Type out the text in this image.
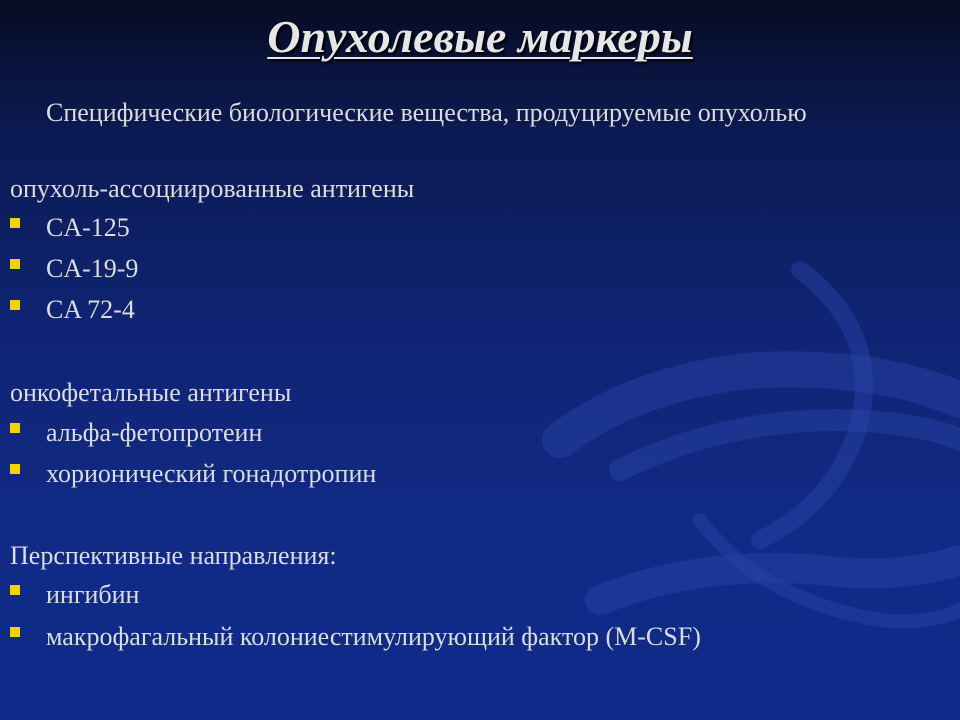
Опухолевые маркеры
Специфические биологические вещества, продуцируемые опухолью
опухоль-ассоциированные антигены
CA-125
CA-19-9
CA 72-4
онкофетальные антигены
альфа-фетопротеин
хорионический гонадотропин
Перспективные направления:
ингибин
макрофагальный колониестимулирующий фактор (M-CSF)
